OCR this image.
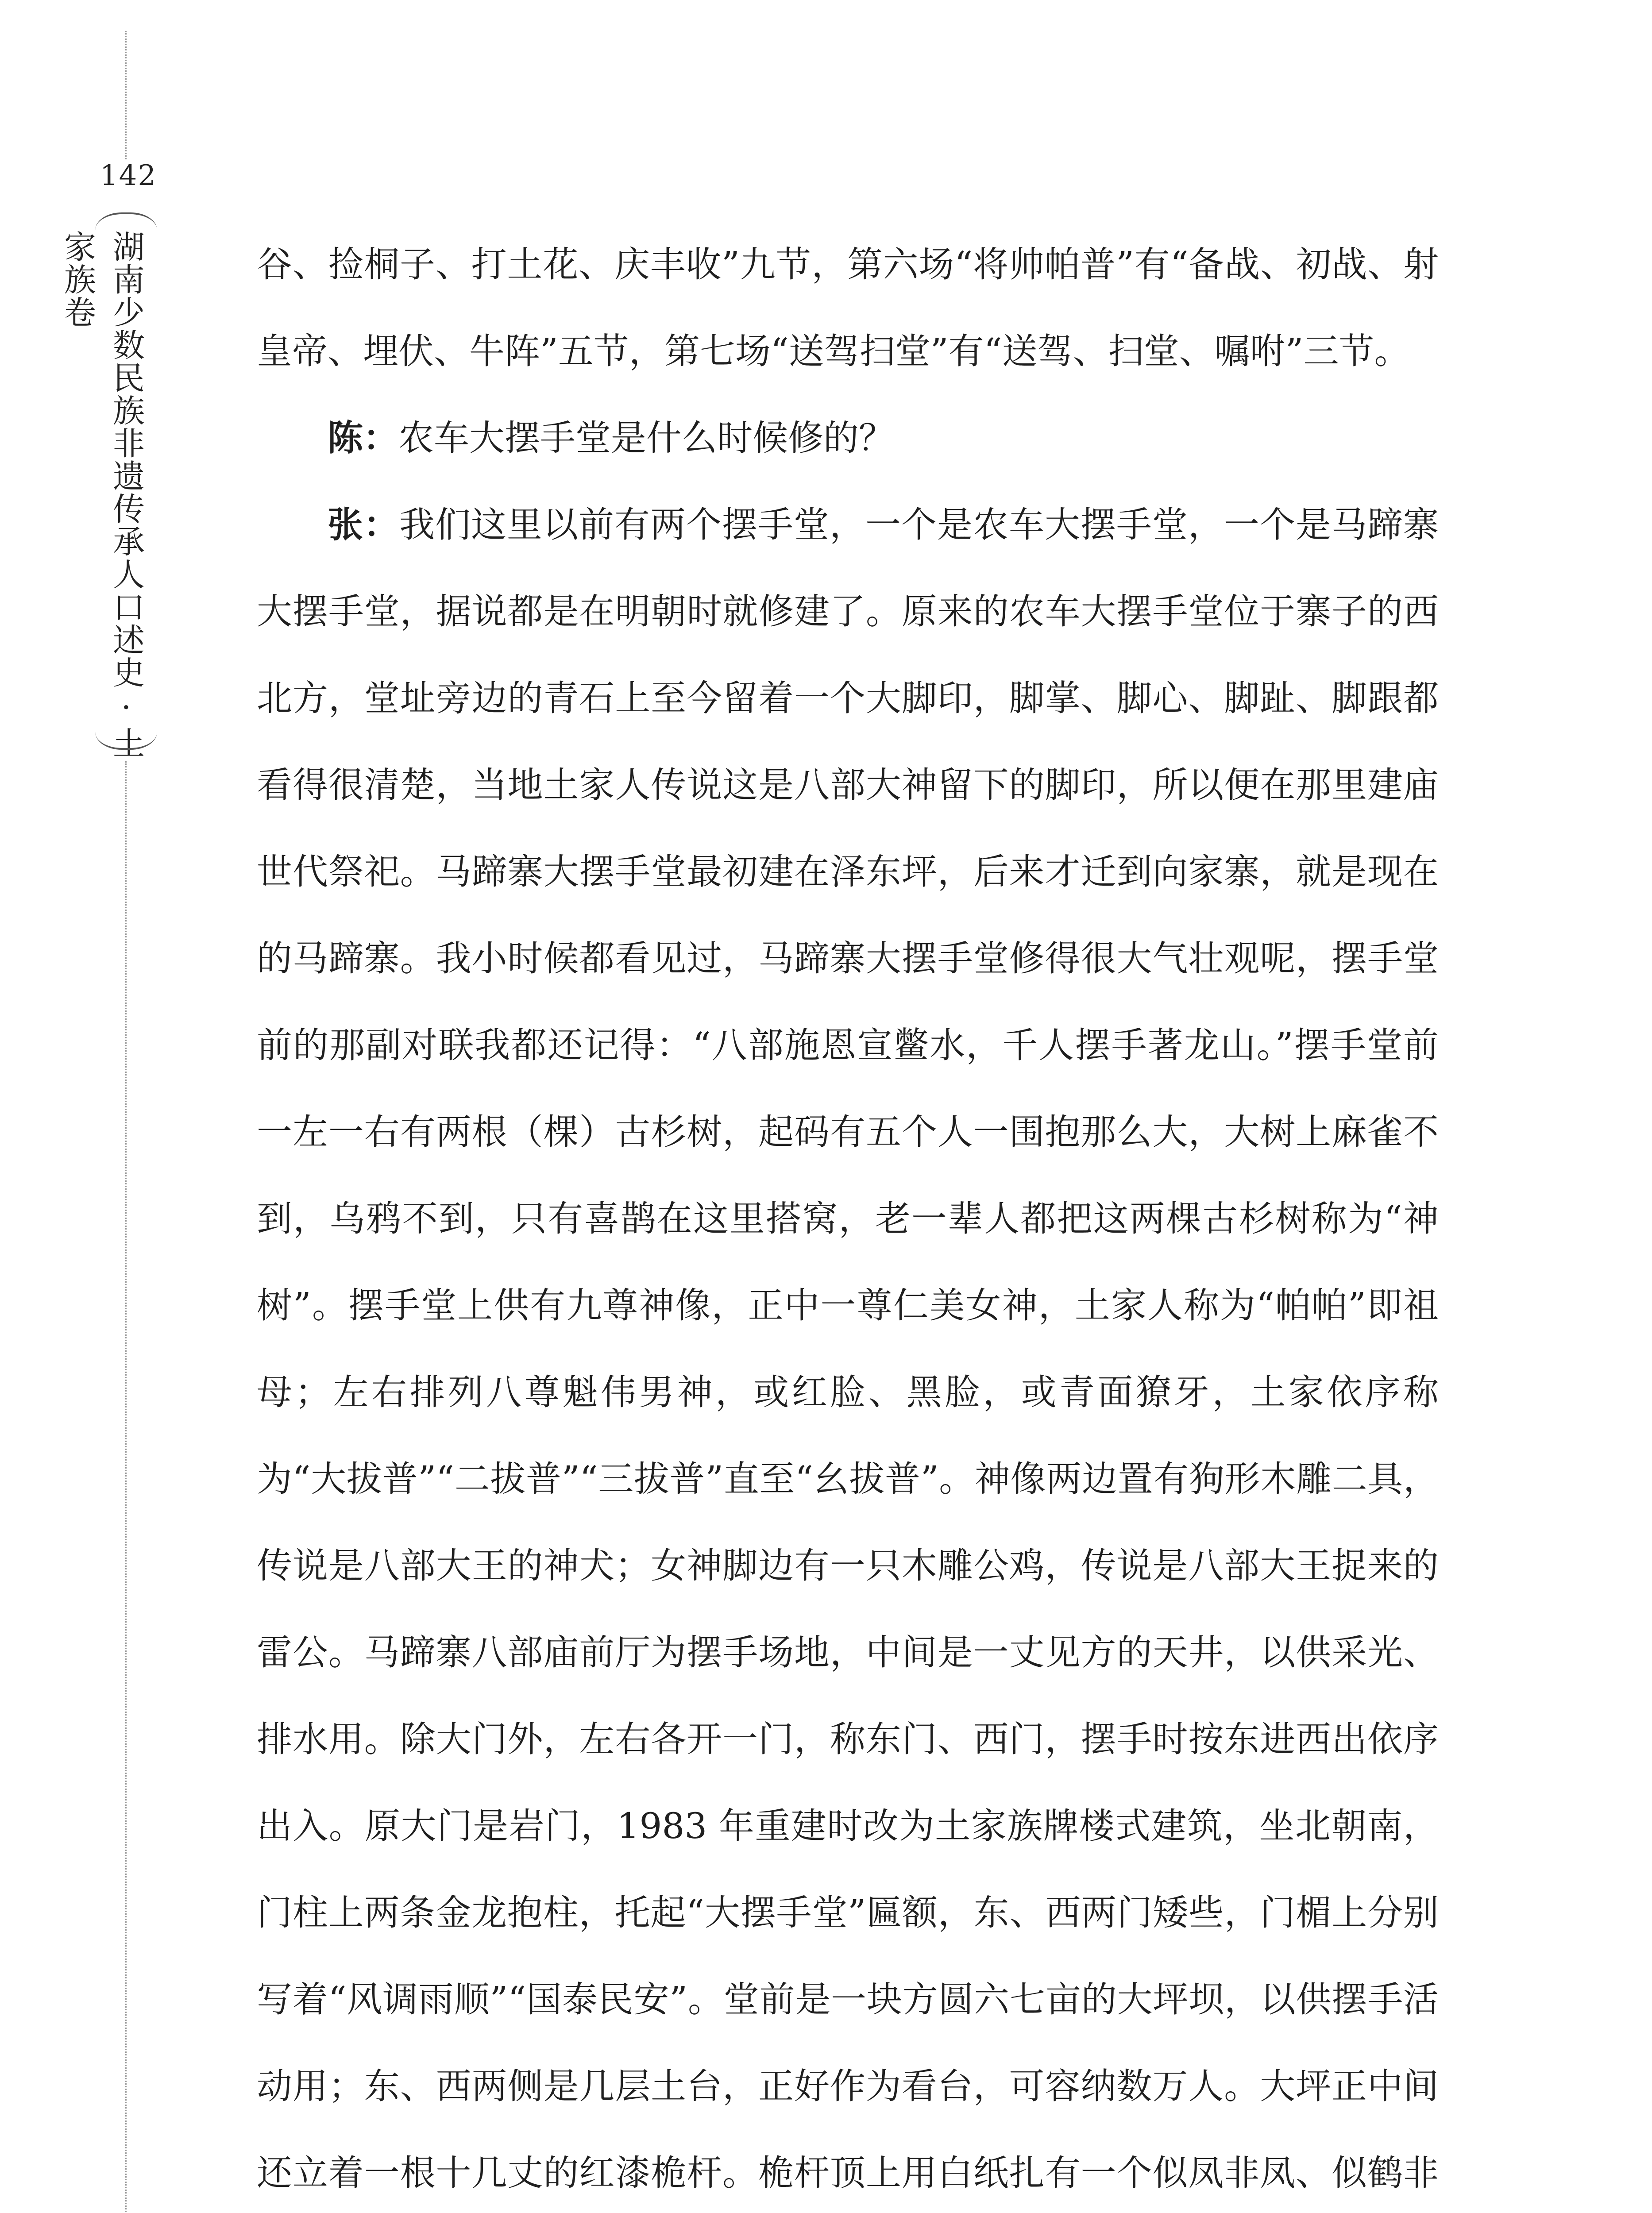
142
湖南少数民族非遗传承人口述史·土家族卷	谷、捡桐子、打土花、庆丰收”九节，第六场“将帅帕普”有“备战、初战、射皇帝、埋伏、牛阵”五节，第七场“送驾扫堂”有“送驾、扫堂、嘱咐”三节。

陈：农车大摆手堂是什么时候修的？

张：我们这里以前有两个摆手堂，一个是农车大摆手堂，一个是马蹄寨大摆手堂，据说都是在明朝时就修建了。原来的农车大摆手堂位于寨子的西北方，堂址旁边的青石上至今留着一个大脚印，脚掌、脚心、脚趾、脚跟都看得很清楚，当地土家人传说这是八部大神留下的脚印，所以便在那里建庙世代祭祀。马蹄寨大摆手堂最初建在泽东坪，后来才迁到向家寨，就是现在的马蹄寨。我小时候都看见过，马蹄寨大摆手堂修得很大气壮观呢，摆手堂前的那副对联我都还记得：“八部施恩宣鳖水，千人摆手著龙山。”摆手堂前一左一右有两根（棵）古杉树，起码有五个人一围抱那么大，大树上麻雀不到，乌鸦不到，只有喜鹊在这里搭窝，老一辈人都把这两棵古杉树称为“神树”。摆手堂上供有九尊神像，正中一尊仁美女神，土家人称为“帕帕”即祖母；左右排列八尊魁伟男神，或红脸、黑脸，或青面獠牙，土家依序称为“大拔普”“二拔普”“三拔普”直至“幺拔普”。神像两边置有狗形木雕二具，传说是八部大王的神犬；女神脚边有一只木雕公鸡，传说是八部大王捉来的雷公。马蹄寨八部庙前厅为摆手场地，中间是一丈见方的天井，以供采光、排水用。除大门外，左右各开一门，称东门、西门，摆手时按东进西出依序出入。原大门是岩门，1983 年重建时改为土家族牌楼式建筑，坐北朝南，门柱上两条金龙抱柱，托起“大摆手堂”匾额，东、西两门矮些，门楣上分别写着“风调雨顺”“国泰民安”。堂前是一块方圆六七亩的大坪坝，以供摆手活动用；东、西两侧是几层土台，正好作为看台，可容纳数万人。大坪正中间还立着一根十几丈的红漆桅杆。桅杆顶上用白纸扎有一个似凤非凤、似鹤非
